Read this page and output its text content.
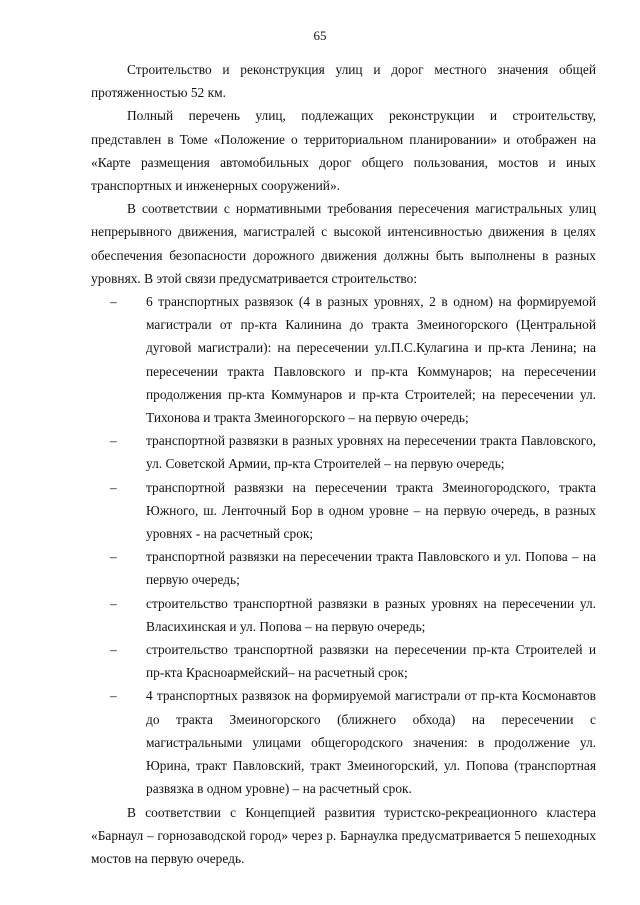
65

Строительство и реконструкция улиц и дорог местного значения общей протяженностью 52 км.

Полный перечень улиц, подлежащих реконструкции и строительству, представлен в Томе «Положение о территориальном планировании» и отображен на «Карте размещения автомобильных дорог общего пользования, мостов и иных транспортных и инженерных сооружений».

В соответствии с нормативными требования пересечения магистральных улиц непрерывного движения, магистралей с высокой интенсивностью движения в целях обеспечения безопасности дорожного движения должны быть выполнены в разных уровнях. В этой связи предусматривается строительство:

– 6 транспортных развязок (4 в разных уровнях, 2 в одном) на формируемой магистрали от пр-кта Калинина до тракта Змеиногорского (Центральной дуговой магистрали): на пересечении ул.П.С.Кулагина и пр-кта Ленина; на пересечении тракта Павловского и пр-кта Коммунаров; на пересечении продолжения пр-кта Коммунаров и пр-кта Строителей; на пересечении ул. Тихонова и тракта Змеиногорского – на первую очередь;
– транспортной развязки в разных уровнях на пересечении тракта Павловского, ул. Советской Армии, пр-кта Строителей – на первую очередь;
– транспортной развязки на пересечении тракта Змеиногородского, тракта Южного, ш. Ленточный Бор в одном уровне – на первую очередь, в разных уровнях - на расчетный срок;
– транспортной развязки на пересечении тракта Павловского и ул. Попова – на первую очередь;
– строительство транспортной развязки в разных уровнях на пересечении ул. Власихинская и ул. Попова – на первую очередь;
– строительство транспортной развязки на пересечении пр-кта Строителей и пр-кта Красноармейский– на расчетный срок;
– 4 транспортных развязок на формируемой магистрали от пр-кта Космонавтов до тракта Змеиногорского (ближнего обхода) на пересечении с магистральными улицами общегородского значения: в продолжение ул. Юрина, тракт Павловский, тракт Змеиногорский, ул. Попова (транспортная развязка в одном уровне) – на расчетный срок.

В соответствии с Концепцией развития туристско-рекреационного кластера «Барнаул – горнозаводской город» через р. Барнаулка предусматривается 5 пешеходных мостов на первую очередь.
